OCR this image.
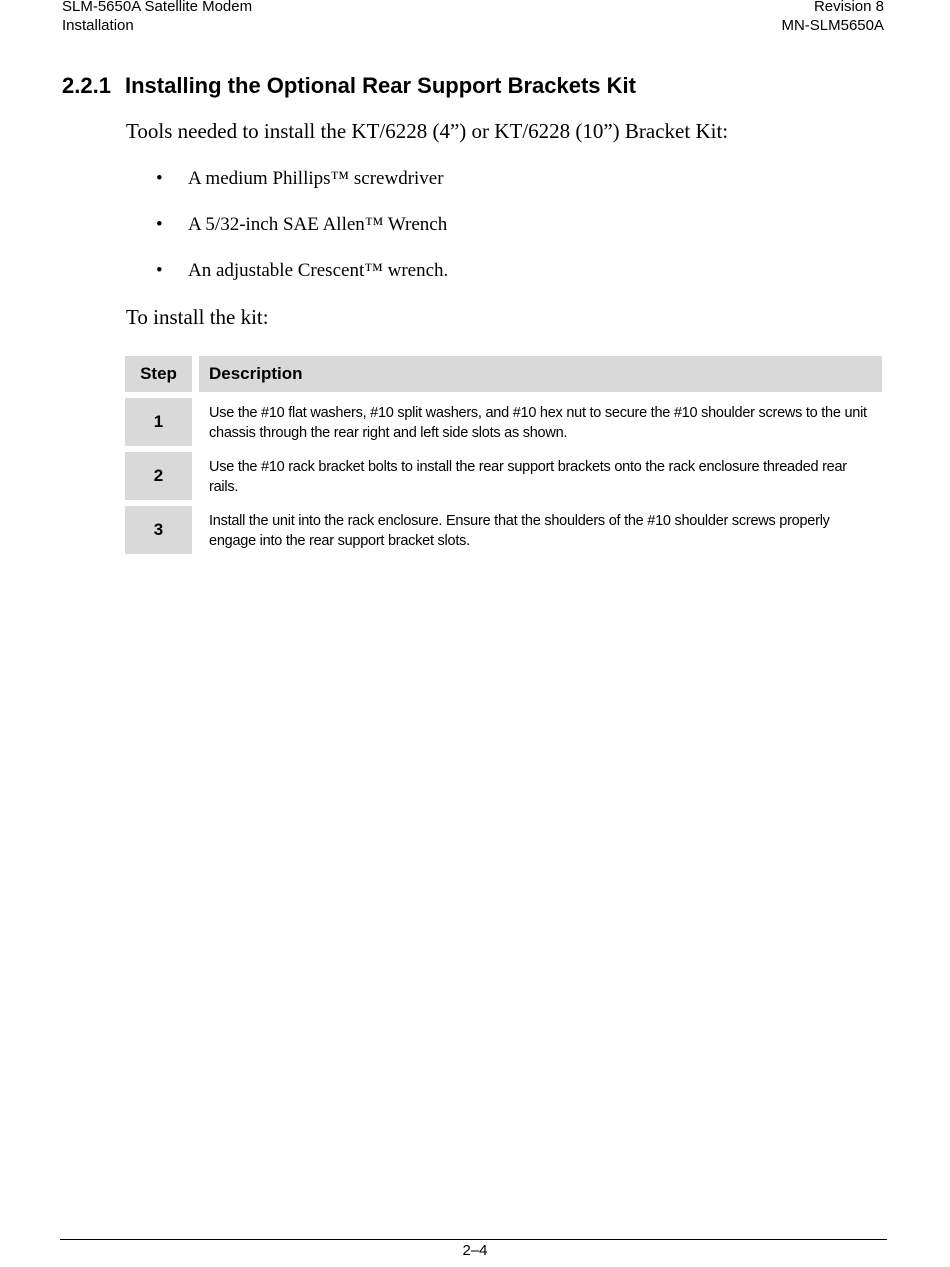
SLM-5650A Satellite Modem
Installation
Revision 8
MN-SLM5650A
2.2.1 Installing the Optional Rear Support Brackets Kit
Tools needed to install the KT/6228 (4”) or KT/6228 (10”) Bracket Kit:
• A medium Phillips™ screwdriver
• A 5/32-inch SAE Allen™ Wrench
• An adjustable Crescent™ wrench.
To install the kit:
Step	Description
1	Use the #10 flat washers, #10 split washers, and #10 hex nut to secure the #10 shoulder screws to the unit chassis through the rear right and left side slots as shown.
2	Use the #10 rack bracket bolts to install the rear support brackets onto the rack enclosure threaded rear rails.
3	Install the unit into the rack enclosure. Ensure that the shoulders of the #10 shoulder screws properly engage into the rear support bracket slots.
2–4
